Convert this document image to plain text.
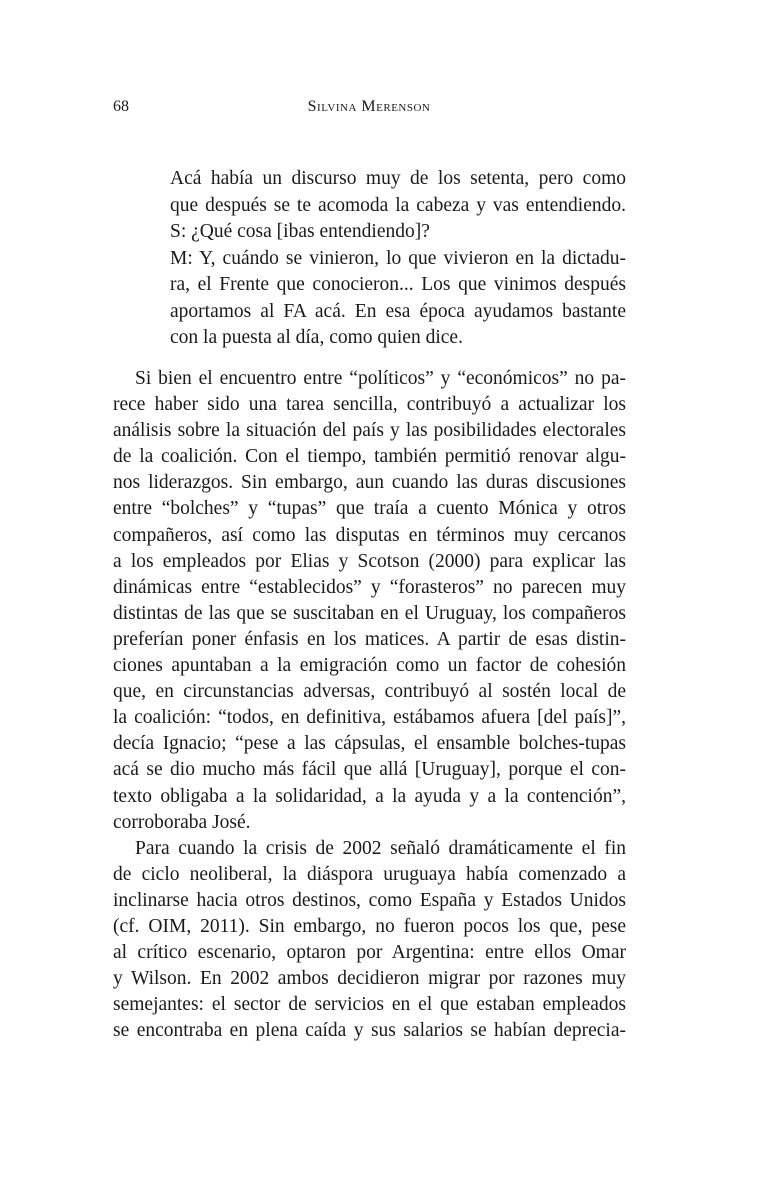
68	Silvina Merenson
Acá había un discurso muy de los setenta, pero como
que después se te acomoda la cabeza y vas entendiendo.
S: ¿Qué cosa [ibas entendiendo]?
M: Y, cuándo se vinieron, lo que vivieron en la dictadu-
ra, el Frente que conocieron... Los que vinimos después
aportamos al FA acá. En esa época ayudamos bastante
con la puesta al día, como quien dice.
Si bien el encuentro entre “políticos” y “económicos” no pa-
rece haber sido una tarea sencilla, contribuyó a actualizar los
análisis sobre la situación del país y las posibilidades electorales
de la coalición. Con el tiempo, también permitió renovar algu-
nos liderazgos. Sin embargo, aun cuando las duras discusiones
entre “bolches” y “tupas” que traía a cuento Mónica y otros
compañeros, así como las disputas en términos muy cercanos
a los empleados por Elias y Scotson (2000) para explicar las
dinámicas entre “establecidos” y “forasteros” no parecen muy
distintas de las que se suscitaban en el Uruguay, los compañeros
preferían poner énfasis en los matices. A partir de esas distin-
ciones apuntaban a la emigración como un factor de cohesión
que, en circunstancias adversas, contribuyó al sostén local de
la coalición: “todos, en definitiva, estábamos afuera [del país]”,
decía Ignacio; “pese a las cápsulas, el ensamble bolches-tupas
acá se dio mucho más fácil que allá [Uruguay], porque el con-
texto obligaba a la solidaridad, a la ayuda y a la contención”,
corroboraba José.
Para cuando la crisis de 2002 señaló dramáticamente el fin
de ciclo neoliberal, la diáspora uruguaya había comenzado a
inclinarse hacia otros destinos, como España y Estados Unidos
(cf. OIM, 2011). Sin embargo, no fueron pocos los que, pese
al crítico escenario, optaron por Argentina: entre ellos Omar
y Wilson. En 2002 ambos decidieron migrar por razones muy
semejantes: el sector de servicios en el que estaban empleados
se encontraba en plena caída y sus salarios se habían deprecia-
